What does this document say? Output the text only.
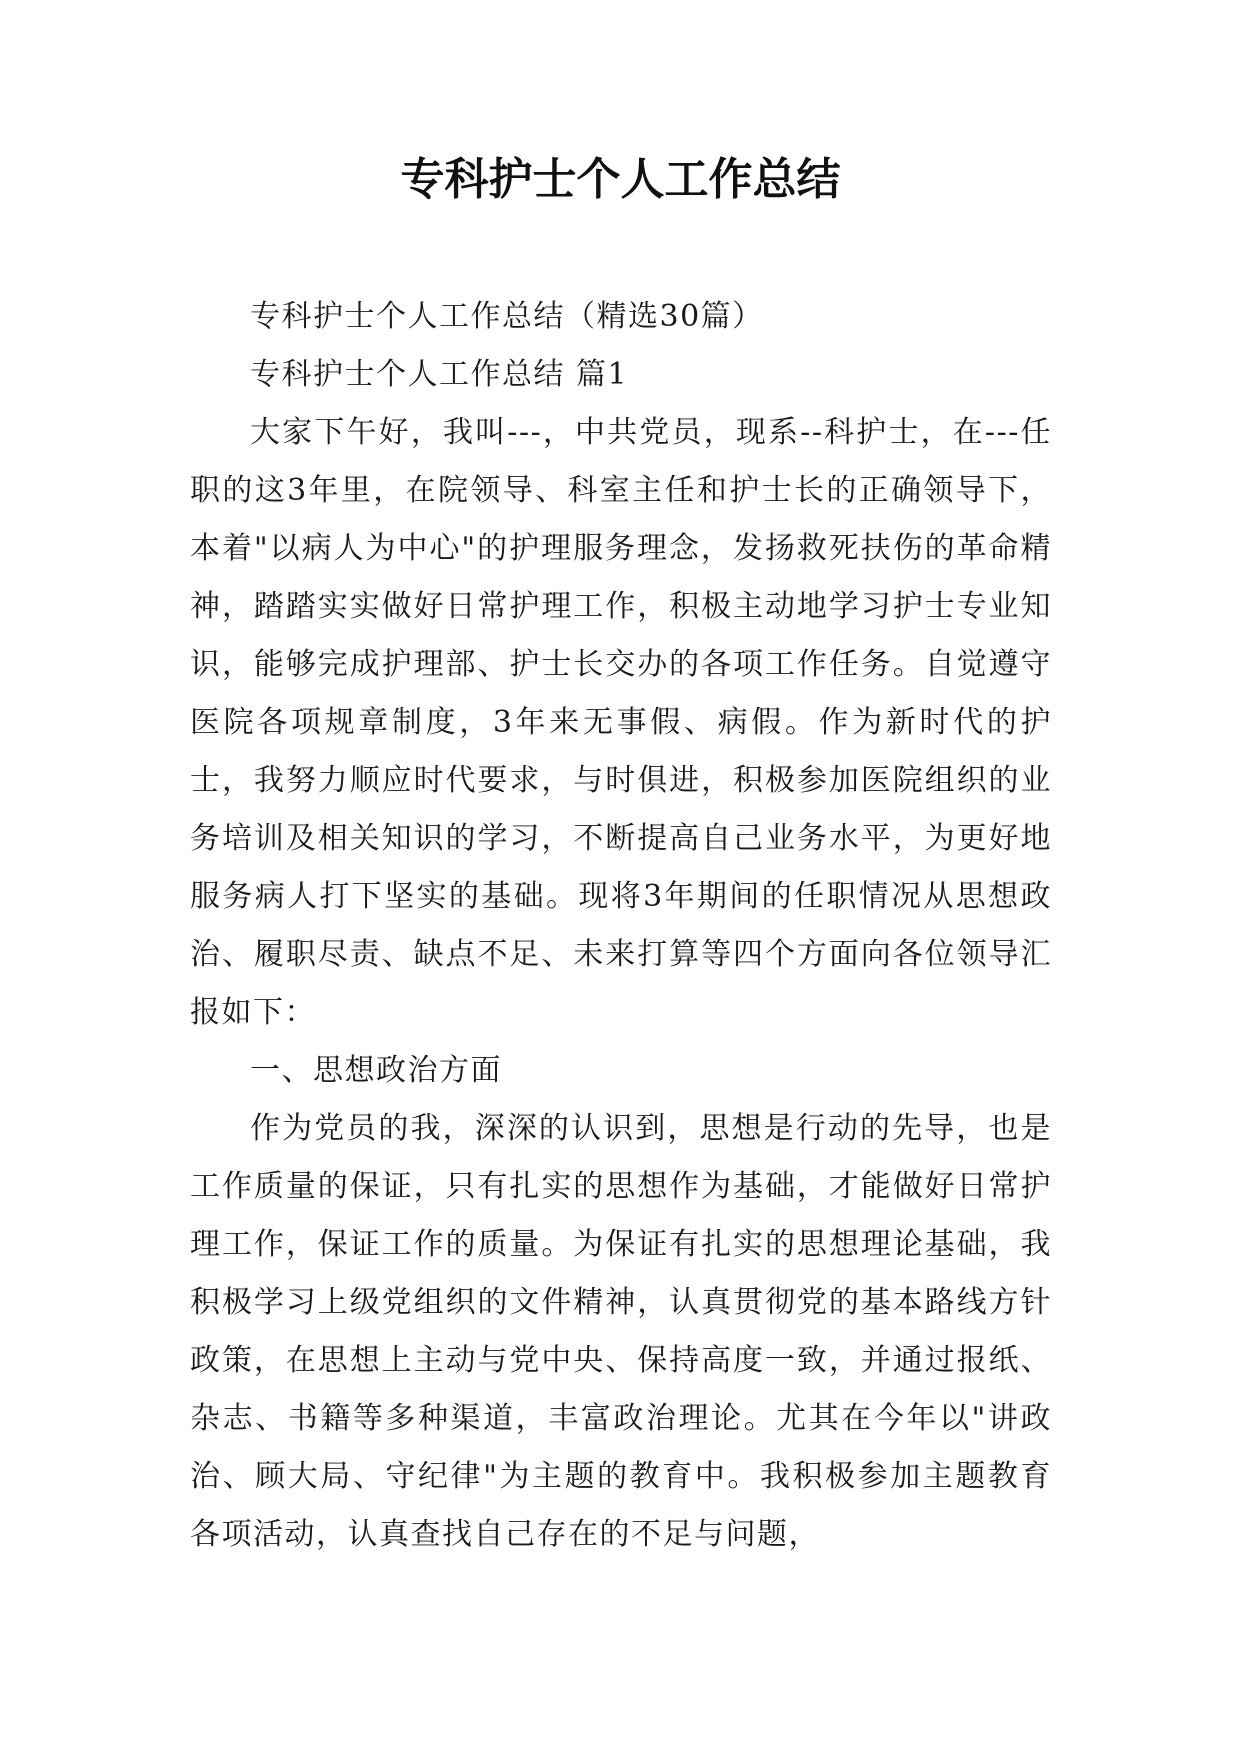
专科护士个人工作总结

专科护士个人工作总结（精选30篇）

专科护士个人工作总结 篇1

大家下午好，我叫---，中共党员，现系--科护士，在---任职的这3年里，在院领导、科室主任和护士长的正确领导下，本着"以病人为中心"的护理服务理念，发扬救死扶伤的革命精神，踏踏实实做好日常护理工作，积极主动地学习护士专业知识，能够完成护理部、护士长交办的各项工作任务。自觉遵守医院各项规章制度，3年来无事假、病假。作为新时代的护士，我努力顺应时代要求，与时俱进，积极参加医院组织的业务培训及相关知识的学习，不断提高自己业务水平，为更好地服务病人打下坚实的基础。现将3年期间的任职情况从思想政治、履职尽责、缺点不足、未来打算等四个方面向各位领导汇报如下：

一、思想政治方面

作为党员的我，深深的认识到，思想是行动的先导，也是工作质量的保证，只有扎实的思想作为基础，才能做好日常护理工作，保证工作的质量。为保证有扎实的思想理论基础，我积极学习上级党组织的文件精神，认真贯彻党的基本路线方针政策，在思想上主动与党中央、保持高度一致，并通过报纸、杂志、书籍等多种渠道，丰富政治理论。尤其在今年以"讲政治、顾大局、守纪律"为主题的教育中。我积极参加主题教育各项活动，认真查找自己存在的不足与问题，
